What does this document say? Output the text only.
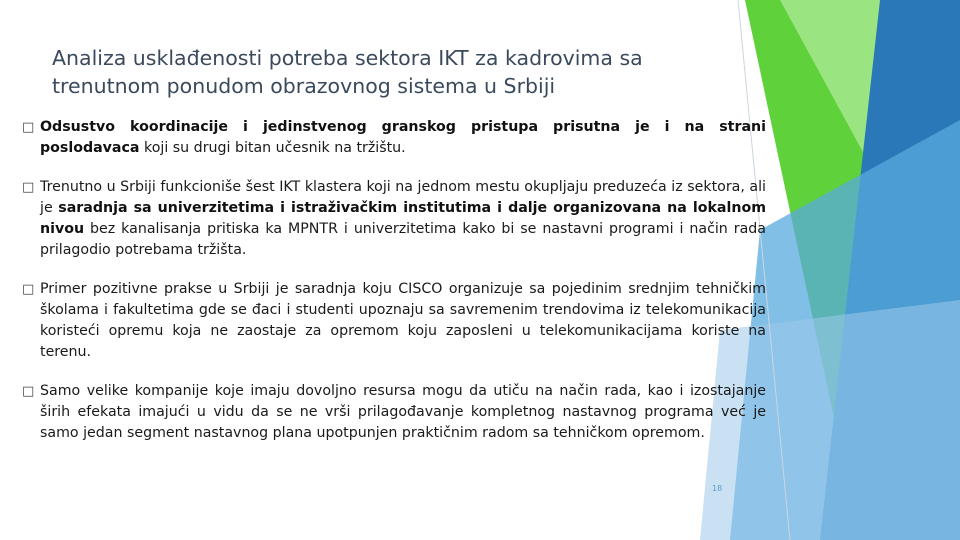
Analiza usklađenosti potreba sektora IKT za kadrovima sa trenutnom ponudom obrazovnog sistema u Srbiji
□ Odsustvo koordinacije i jedinstvenog granskog pristupa prisutna je i na strani poslodavaca koji su drugi bitan učesnik na tržištu.
□ Trenutno u Srbiji funkcioniše šest IKT klastera koji na jednom mestu okupljaju preduzeća iz sektora, ali je saradnja sa univerzitetima i istraživačkim institutima i dalje organizovana na lokalnom nivou bez kanalisanja pritiska ka MPNTR i univerzitetima kako bi se nastavni programi i način rada prilagodio potrebama tržišta.
□ Primer pozitivne prakse u Srbiji je saradnja koju CISCO organizuje sa pojedinim srednjim tehničkim školama i fakultetima gde se đaci i studenti upoznaju sa savremenim trendovima iz telekomunikacija koristeći opremu koja ne zaostaje za opremom koju zaposleni u telekomunikacijama koriste na terenu.
□ Samo velike kompanije koje imaju dovoljno resursa mogu da utiču na način rada, kao i izostajanje širih efekata imajući u vidu da se ne vrši prilagođavanje kompletnog nastavnog programa već je samo jedan segment nastavnog plana upotpunjen praktičnim radom sa tehničkom opremom.
18
